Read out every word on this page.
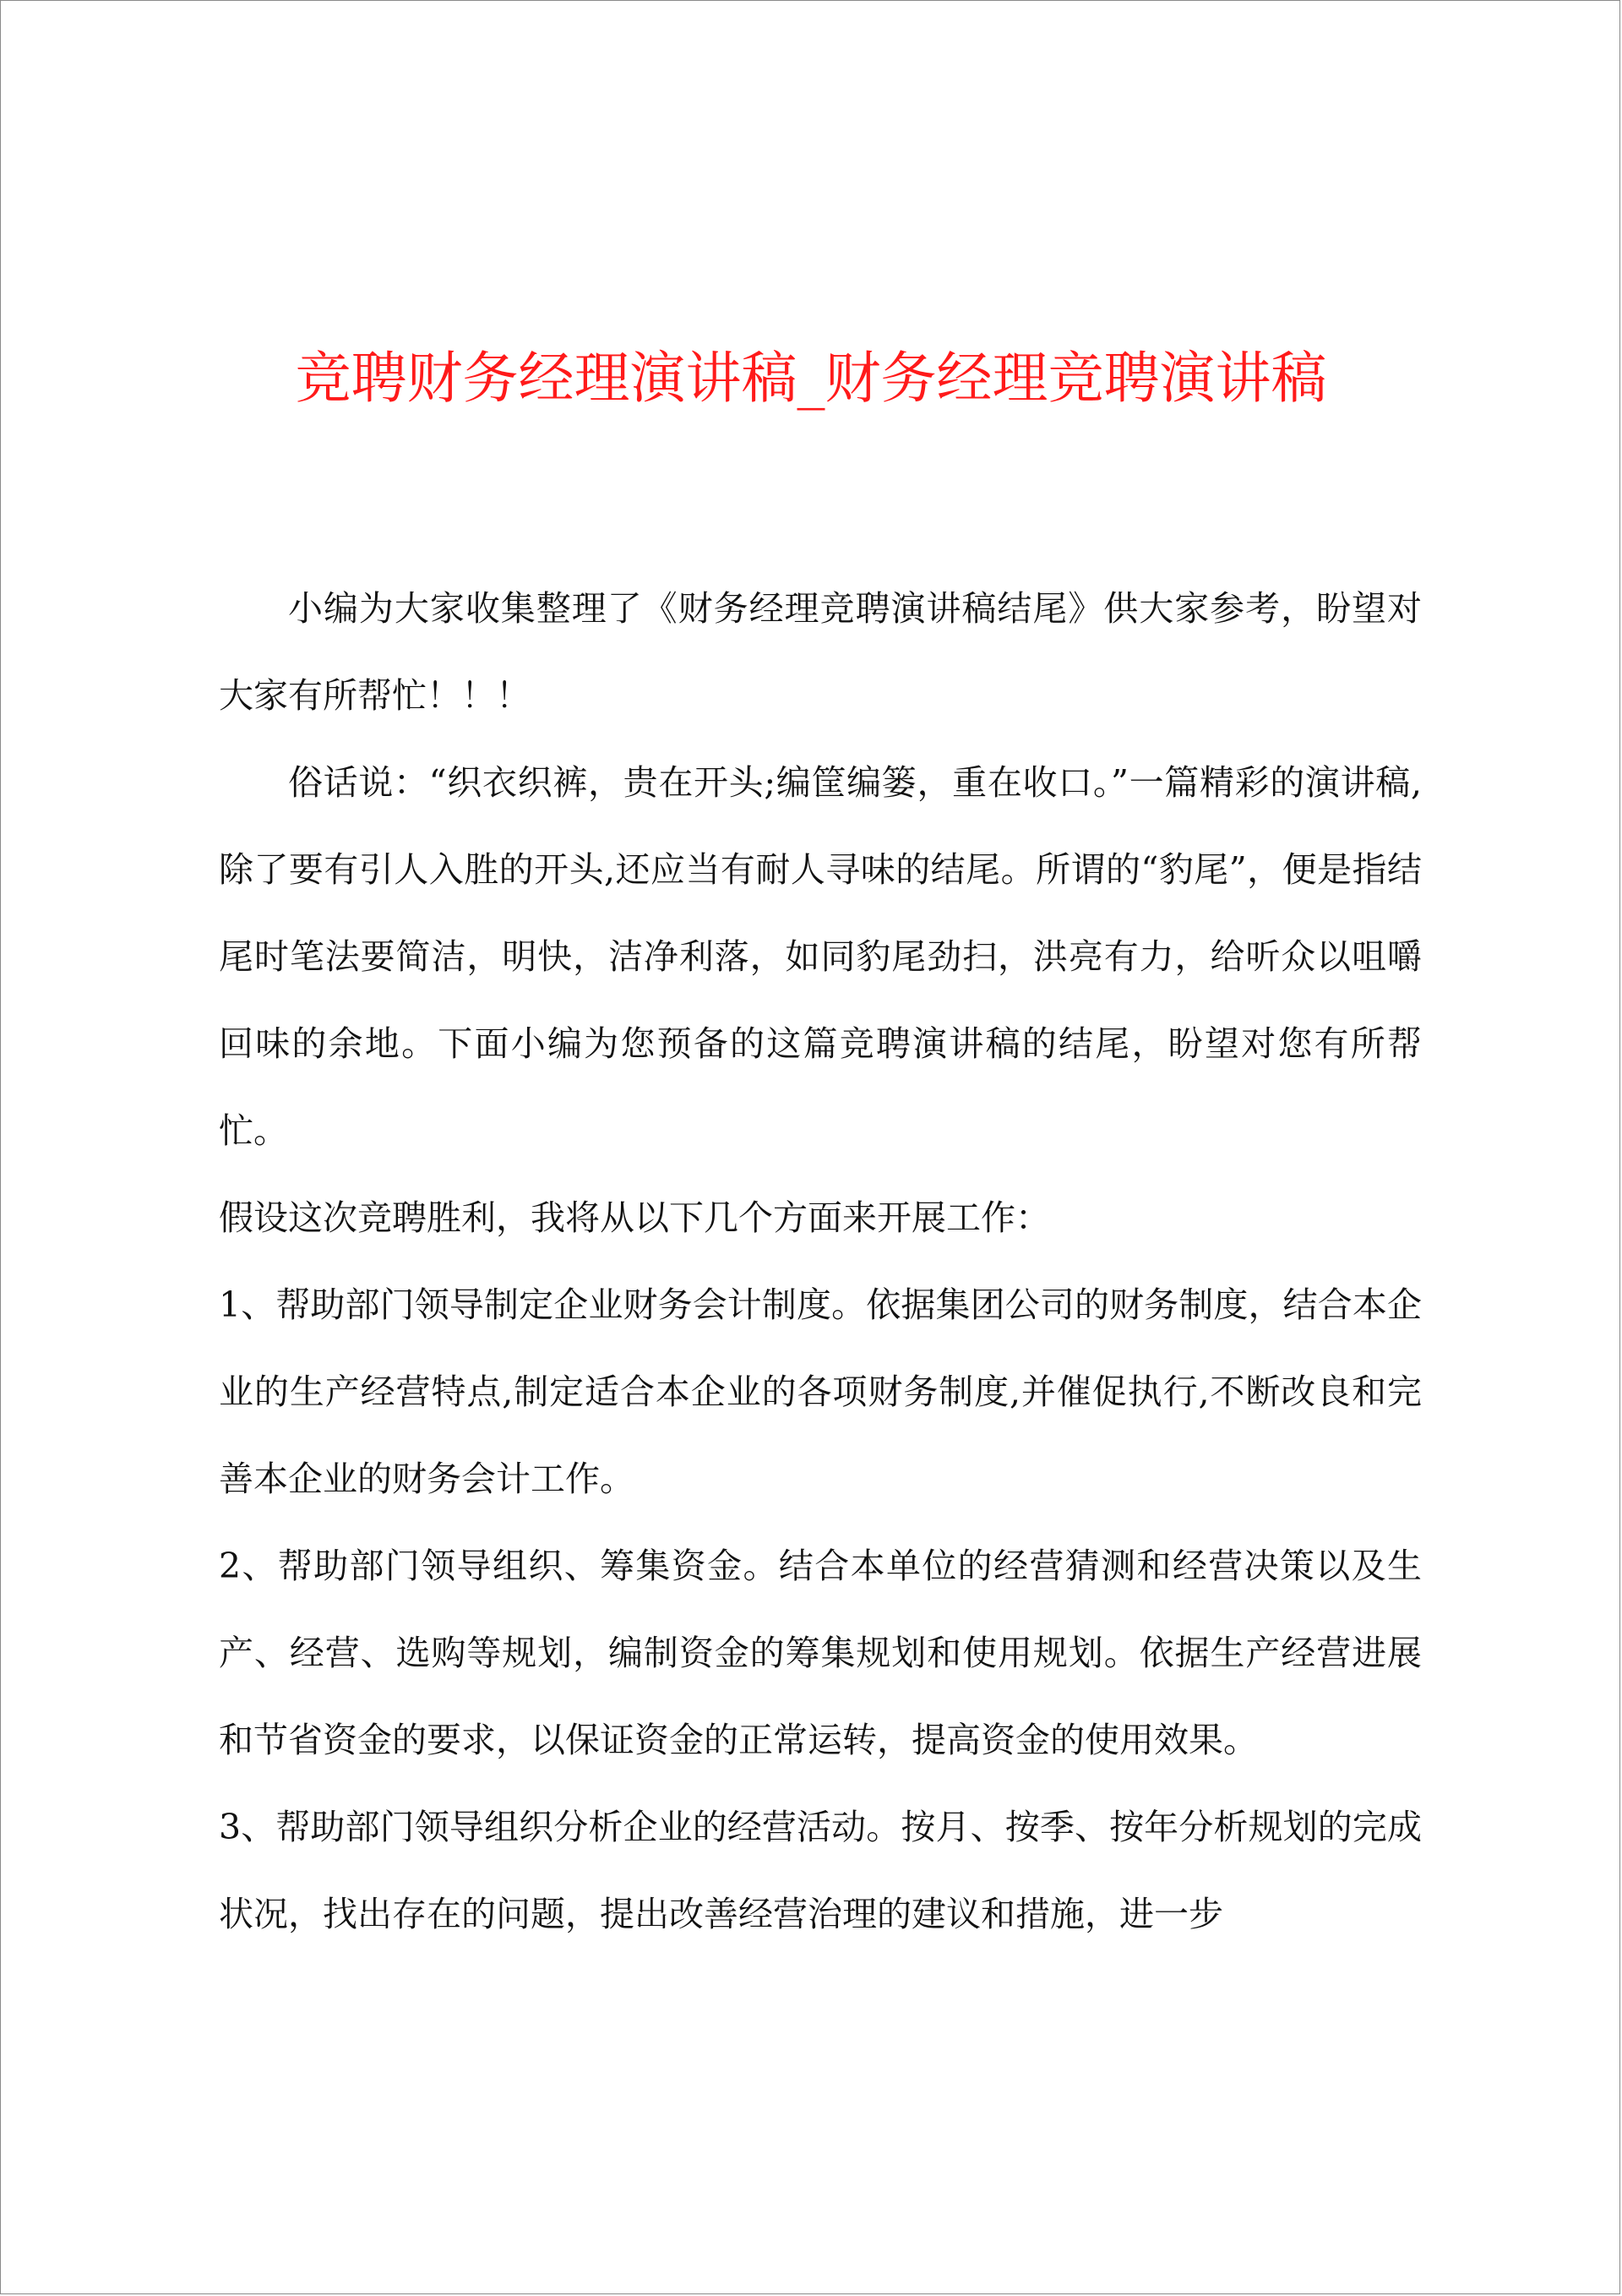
竞聘财务经理演讲稿_财务经理竞聘演讲稿

小编为大家收集整理了《财务经理竞聘演讲稿结尾》供大家参考，盼望对大家有所帮忙！！！

俗话说：“织衣织裤，贵在开头;编筐编篓，重在收口。”一篇精彩的演讲稿,除了要有引人入胜的开头,还应当有耐人寻味的结尾。所谓的“豹尾”，便是指结尾时笔法要简洁，明快，洁净利落，如同豹尾劲扫，洪亮有力，给听众以咀嚼回味的余地。下面小编为您预备的这篇竞聘演讲稿的结尾，盼望对您有所帮忙。

假设这次竞聘胜利，我将从以下几个方面来开展工作：

1、帮助部门领导制定企业财务会计制度。依据集团公司的财务制度，结合本企业的生产经营特点,制定适合本企业的各项财务制度,并催促执行,不断改良和完善本企业的财务会计工作。

2、帮助部门领导组织、筹集资金。结合本单位的经营猜测和经营决策以及生产、经营、选购等规划，编制资金的筹集规划和使用规划。依据生产经营进展和节省资金的要求，以保证资金的正常运转，提高资金的使用效果。

3、帮助部门领导组织分析企业的经营活动。按月、按季、按年分析规划的完成状况，找出存在的问题，提出改善经营治理的建议和措施，进一步
